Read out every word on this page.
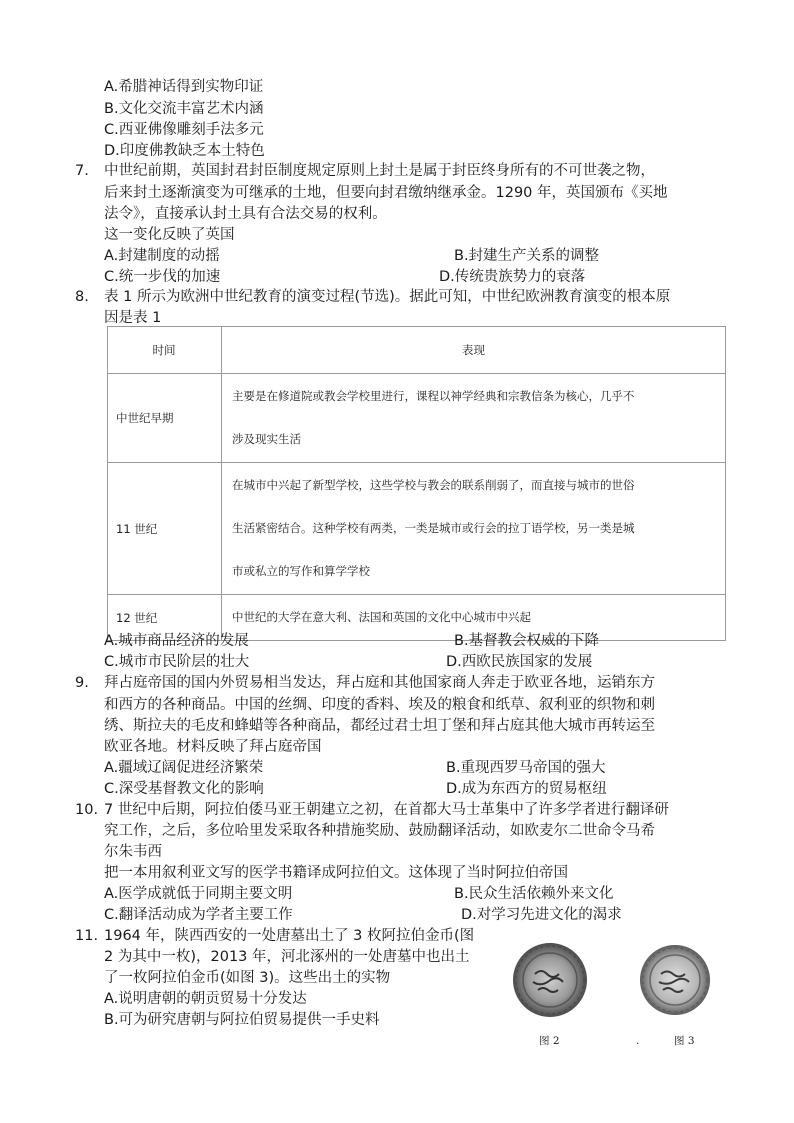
A.希腊神话得到实物印证
B.文化交流丰富艺术内涵
C.西亚佛像雕刻手法多元
D.印度佛教缺乏本土特色
7. 中世纪前期，英国封君封臣制度规定原则上封土是属于封臣终身所有的不可世袭之物，
后来封土逐渐演变为可继承的土地，但要向封君缴纳继承金。1290 年，英国颁布《买地
法令》，直接承认封土具有合法交易的权利。
这一变化反映了英国
A.封建制度的动摇	B.封建生产关系的调整
C.统一步伐的加速	D.传统贵族势力的衰落
8. 表 1 所示为欧洲中世纪教育的演变过程(节选)。据此可知，中世纪欧洲教育演变的根本原
因是表 1
时间	表现
中世纪早期	主要是在修道院或教会学校里进行，课程以神学经典和宗教信条为核心，几乎不
涉及现实生活

11 世纪	在城市中兴起了新型学校，这些学校与教会的联系削弱了，而直接与城市的世俗
生活紧密结合。这种学校有两类，一类是城市或行会的拉丁语学校，另一类是城
市或私立的写作和算学学校

12 世纪	中世纪的大学在意大利、法国和英国的文化中心城市中兴起
A.城市商品经济的发展	B.基督教会权威的下降
C.城市市民阶层的壮大	D.西欧民族国家的发展
9. 拜占庭帝国的国内外贸易相当发达，拜占庭和其他国家商人奔走于欧亚各地，运销东方
和西方的各种商品。中国的丝绸、印度的香料、埃及的粮食和纸草、叙利亚的织物和刺
绣、斯拉夫的毛皮和蜂蜡等各种商品，都经过君士坦丁堡和拜占庭其他大城市再转运至
欧亚各地。材料反映了拜占庭帝国
A.疆域辽阔促进经济繁荣	B.重现西罗马帝国的强大
C.深受基督教文化的影响	D.成为东西方的贸易枢纽
10. 7 世纪中后期，阿拉伯倭马亚王朝建立之初，在首都大马士革集中了许多学者进行翻译研
究工作，之后，多位哈里发采取各种措施奖励、鼓励翻译活动，如欧麦尔二世命令马希
尔朱韦西
把一本用叙利亚文写的医学书籍译成阿拉伯文。这体现了当时阿拉伯帝国
A.医学成就低于同期主要文明	B.民众生活依赖外来文化
C.翻译活动成为学者主要工作	D.对学习先进文化的渴求
11. 1964 年，陕西西安的一处唐墓出土了 3 枚阿拉伯金币(图
2 为其中一枚)，2013 年，河北涿州的一处唐墓中也出土
了一枚阿拉伯金币(如图 3)。这些出土的实物
A.说明唐朝的朝贡贸易十分发达
B.可为研究唐朝与阿拉伯贸易提供一手史料
图 2	.	图 3
